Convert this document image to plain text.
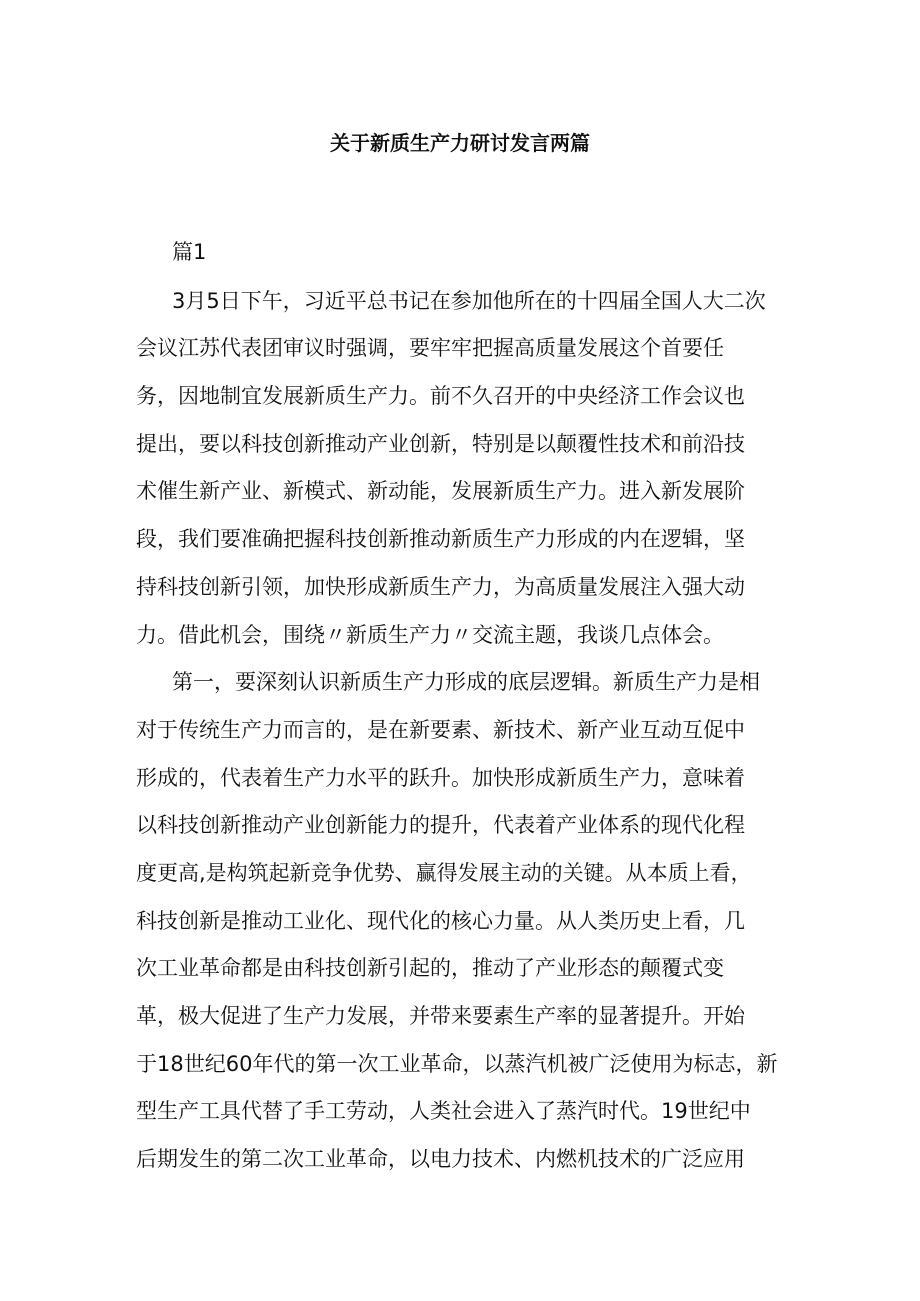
关于新质生产力研讨发言两篇
篇1
3月5日下午，习近平总书记在参加他所在的十四届全国人大二次
会议江苏代表团审议时强调，要牢牢把握高质量发展这个首要任
务，因地制宜发展新质生产力。前不久召开的中央经济工作会议也
提出，要以科技创新推动产业创新，特别是以颠覆性技术和前沿技
术催生新产业、新模式、新动能，发展新质生产力。进入新发展阶
段，我们要准确把握科技创新推动新质生产力形成的内在逻辑，坚
持科技创新引领，加快形成新质生产力，为高质量发展注入强大动
力。借此机会，围绕〃新质生产力〃交流主题，我谈几点体会。
第一，要深刻认识新质生产力形成的底层逻辑。新质生产力是相
对于传统生产力而言的，是在新要素、新技术、新产业互动互促中
形成的，代表着生产力水平的跃升。加快形成新质生产力，意味着
以科技创新推动产业创新能力的提升，代表着产业体系的现代化程
度更高,是构筑起新竞争优势、赢得发展主动的关键。从本质上看，
科技创新是推动工业化、现代化的核心力量。从人类历史上看，几
次工业革命都是由科技创新引起的，推动了产业形态的颠覆式变
革，极大促进了生产力发展，并带来要素生产率的显著提升。开始
于18世纪60年代的第一次工业革命，以蒸汽机被广泛使用为标志，新
型生产工具代替了手工劳动，人类社会进入了蒸汽时代。19世纪中
后期发生的第二次工业革命，以电力技术、内燃机技术的广泛应用
